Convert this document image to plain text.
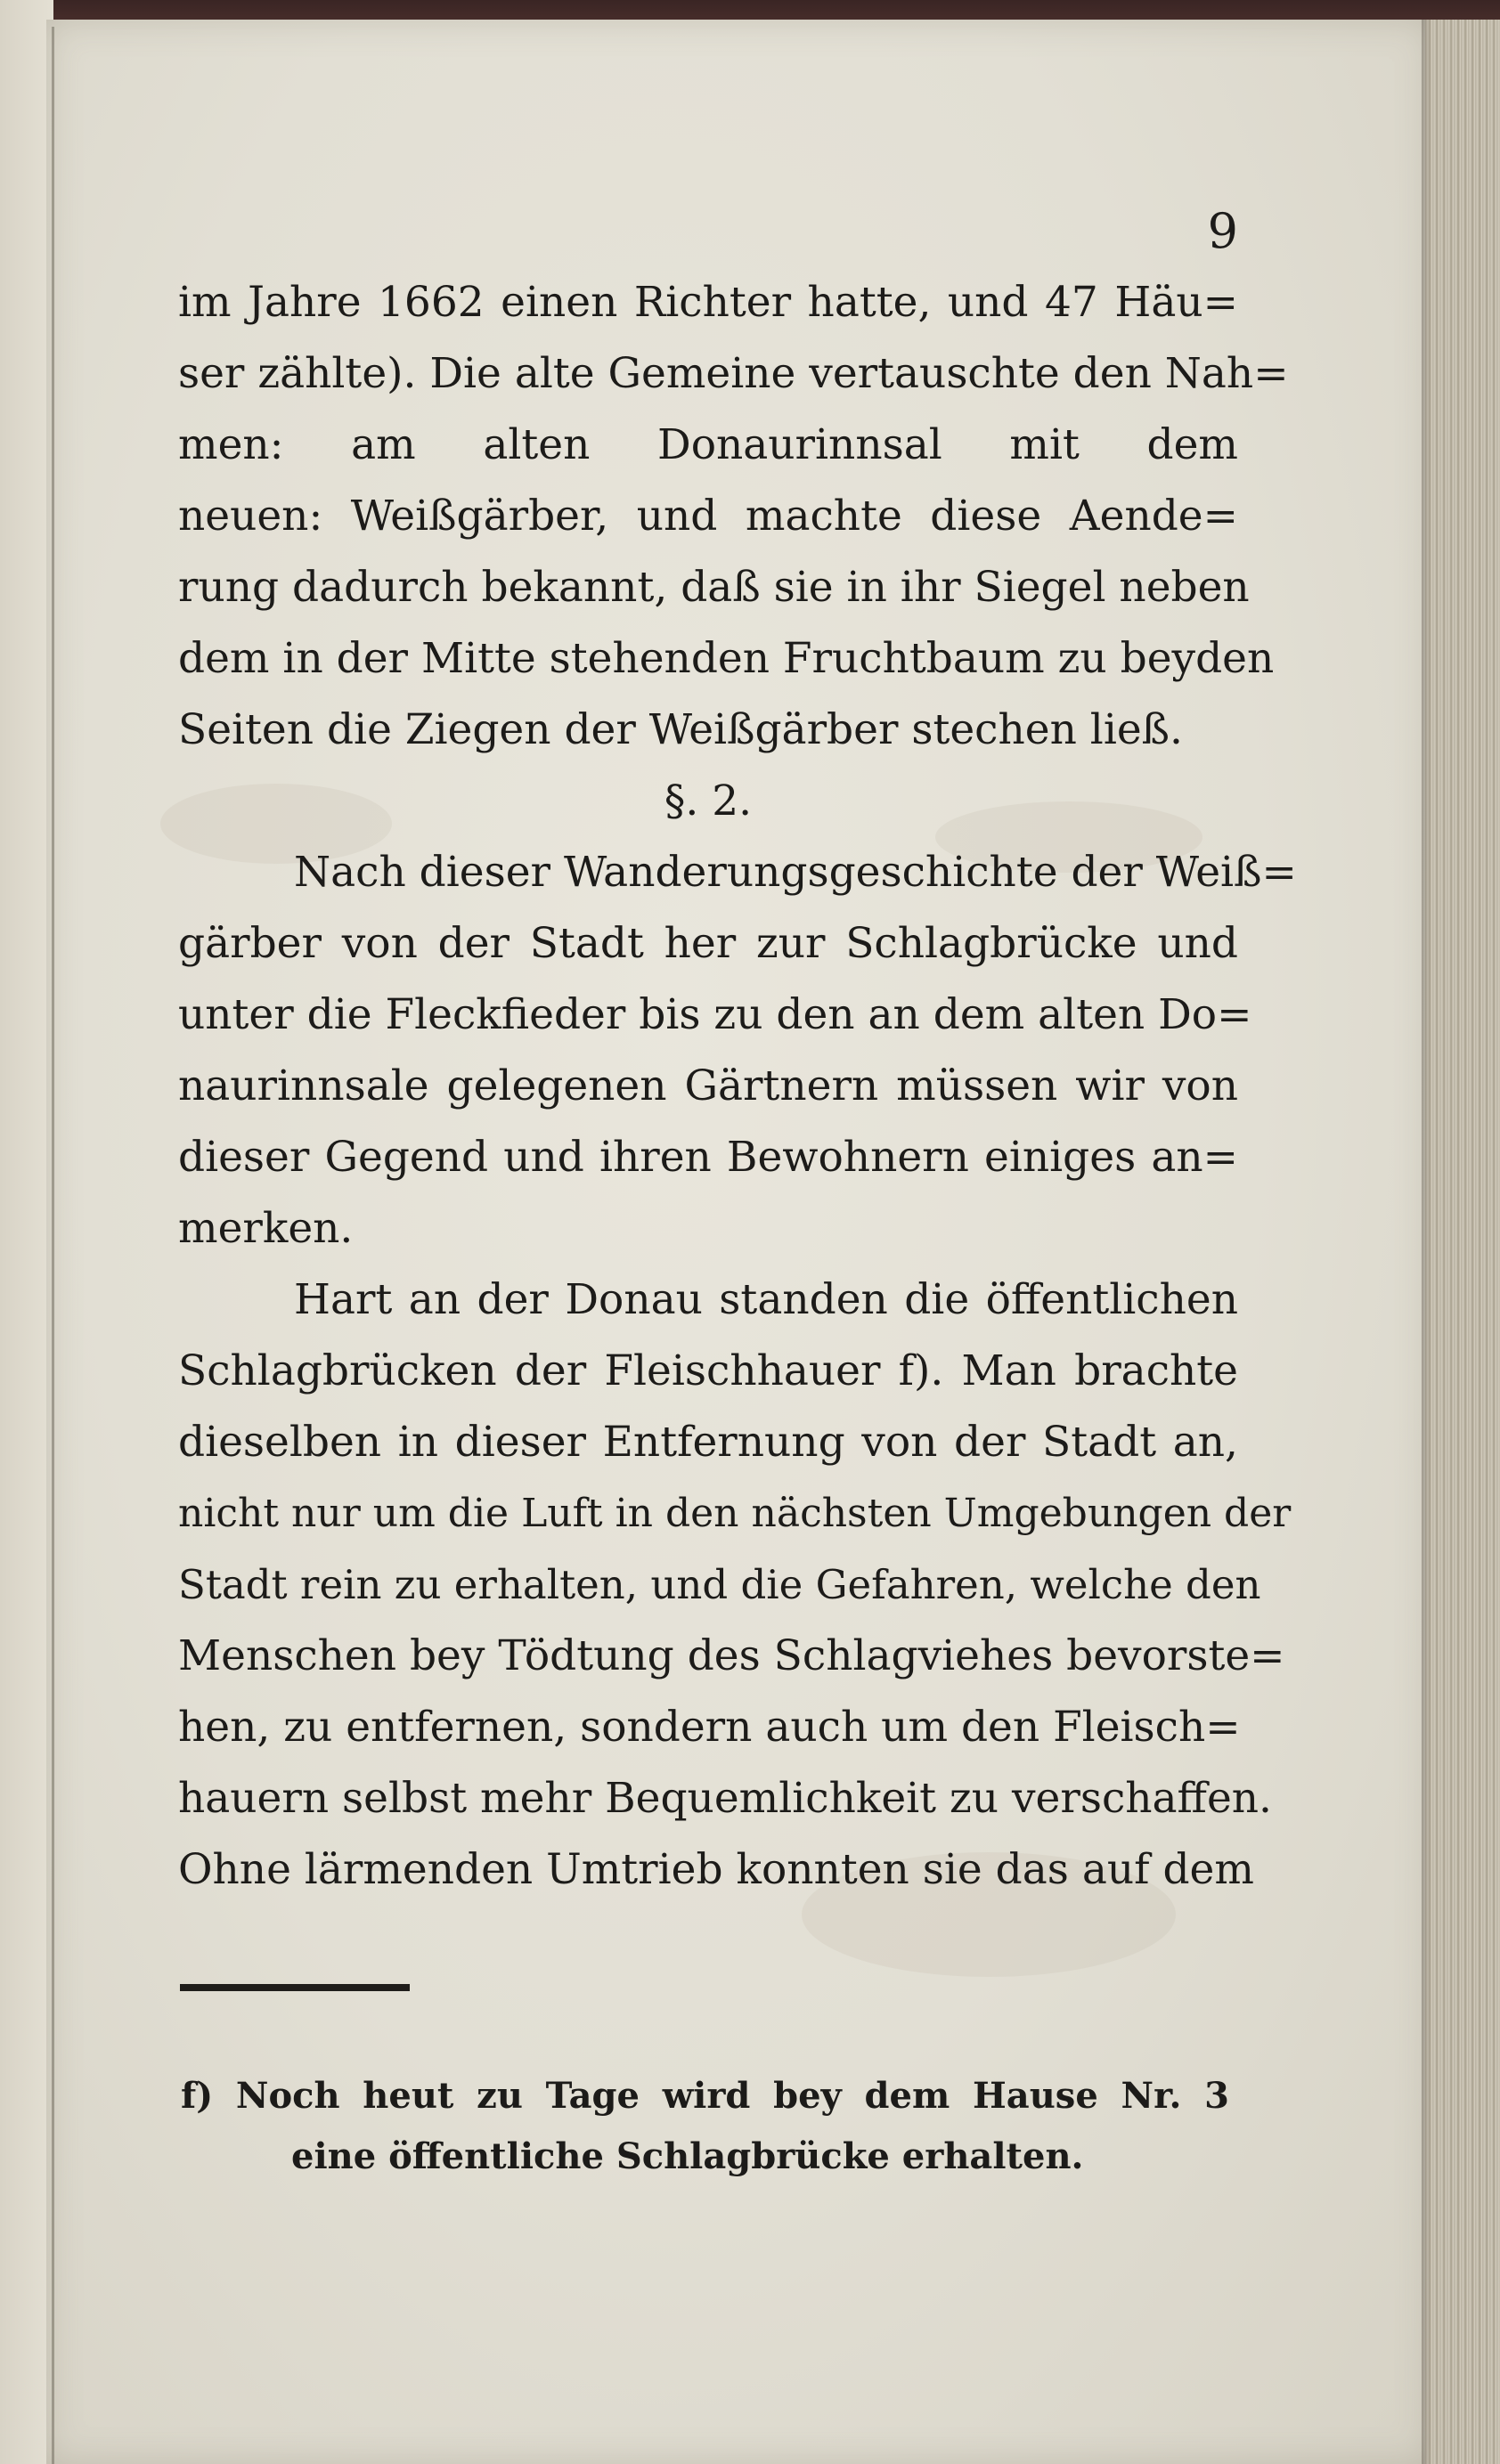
9
im Jahre 1662 einen Richter hatte, und 47 Häu=
ser zählte). Die alte Gemeine vertauschte den Nah=
men: am alten Donaurinnsal mit dem
neuen: Weißgärber, und machte diese Aende=
rung dadurch bekannt, daß sie in ihr Siegel neben
dem in der Mitte stehenden Fruchtbaum zu beyden
Seiten die Ziegen der Weißgärber stechen ließ.
§. 2.
Nach dieser Wanderungsgeschichte der Weiß=
gärber von der Stadt her zur Schlagbrücke und
unter die Fleckfieder bis zu den an dem alten Do=
naurinnsale gelegenen Gärtnern müssen wir von
dieser Gegend und ihren Bewohnern einiges an=
merken.
Hart an der Donau standen die öffentlichen
Schlagbrücken der Fleischhauer f). Man brachte
dieselben in dieser Entfernung von der Stadt an,
nicht nur um die Luft in den nächsten Umgebungen der
Stadt rein zu erhalten, und die Gefahren, welche den
Menschen bey Tödtung des Schlagviehes bevorste=
hen, zu entfernen, sondern auch um den Fleisch=
hauern selbst mehr Bequemlichkeit zu verschaffen.
Ohne lärmenden Umtrieb konnten sie das auf dem
f) Noch heut zu Tage wird bey dem Hause Nr. 3
eine öffentliche Schlagbrücke erhalten.
